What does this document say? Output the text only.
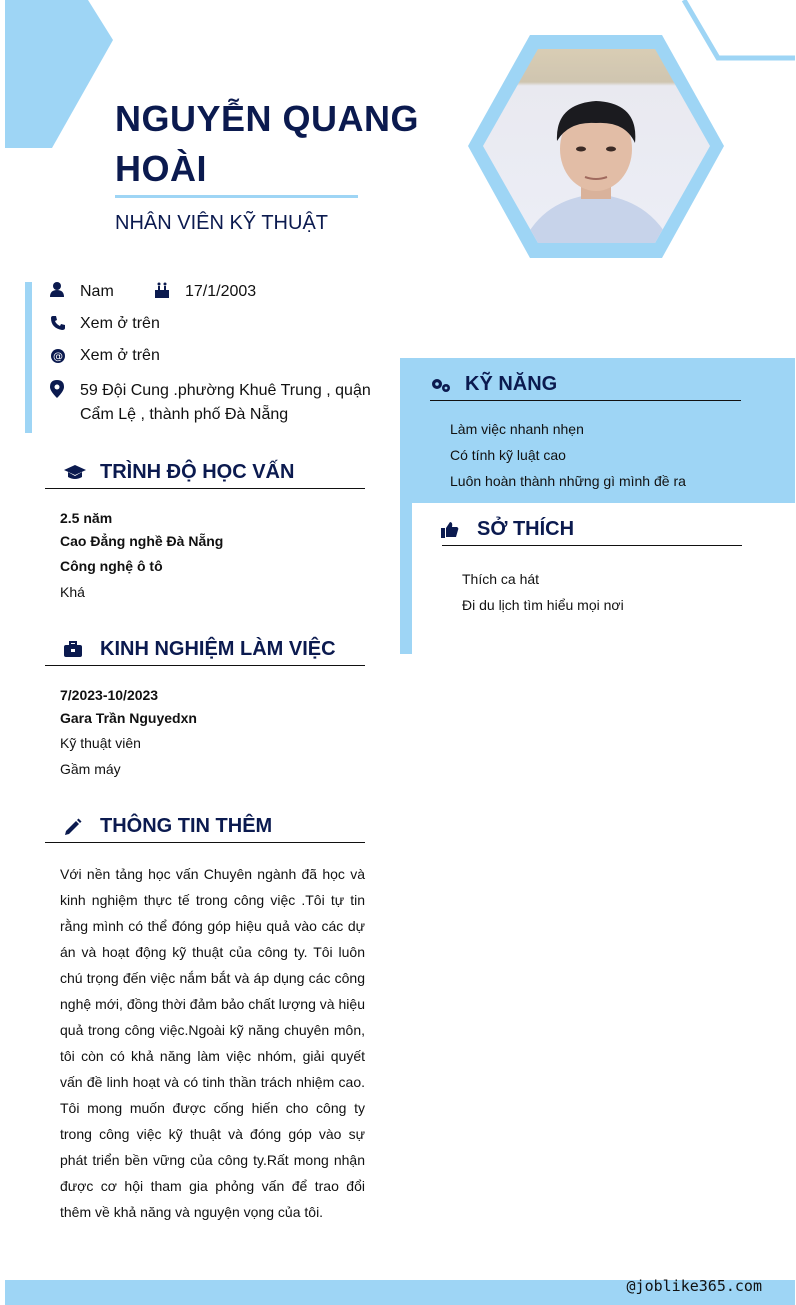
NGUYỄN QUANG HOÀI
NHÂN VIÊN KỸ THUẬT
Nam	17/1/2003
Xem ở trên
@ Xem ở trên
59 Đội Cung .phường Khuê Trung , quận Cẩm Lệ , thành phố Đà Nẵng
TRÌNH ĐỘ HỌC VẤN
2.5 năm
Cao Đẳng nghề Đà Nẵng
Công nghệ ô tô
Khá
KINH NGHIỆM LÀM VIỆC
7/2023-10/2023
Gara Trần Nguyedxn
Kỹ thuật viên
Gầm máy
THÔNG TIN THÊM
Với nền tảng học vấn Chuyên ngành đã học và kinh nghiệm thực tế trong công việc .Tôi tự tin rằng mình có thể đóng góp hiệu quả vào các dự án và hoạt động kỹ thuật của công ty. Tôi luôn chú trọng đến việc nắm bắt và áp dụng các công nghệ mới, đồng thời đảm bảo chất lượng và hiệu quả trong công việc.Ngoài kỹ năng chuyên môn, tôi còn có khả năng làm việc nhóm, giải quyết vấn đề linh hoạt và có tinh thần trách nhiệm cao. Tôi mong muốn được cống hiến cho công ty trong công việc kỹ thuật và đóng góp vào sự phát triển bền vững của công ty.Rất mong nhận được cơ hội tham gia phỏng vấn để trao đổi thêm về khả năng và nguyện vọng của tôi.
KỸ NĂNG
Làm việc nhanh nhẹn
Có tính kỹ luật cao
Luôn hoàn thành những gì mình đề ra
SỞ THÍCH
Thích ca hát
Đi du lịch tìm hiểu mọi nơi
@joblike365.com
